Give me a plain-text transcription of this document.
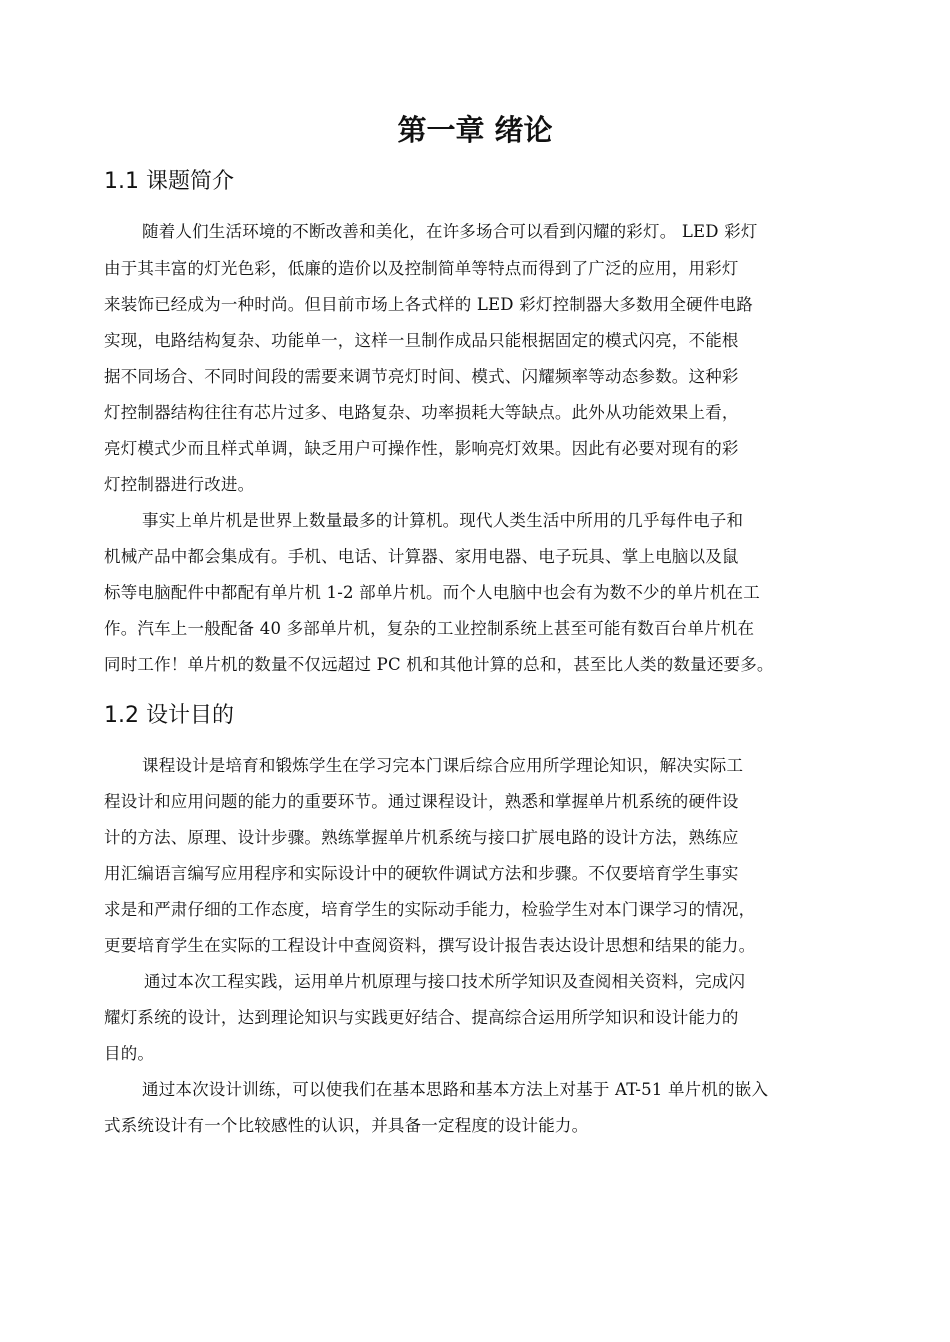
第一章 绪论
1.1 课题简介
随着人们生活环境的不断改善和美化，在许多场合可以看到闪耀的彩灯。 LED 彩灯
由于其丰富的灯光色彩，低廉的造价以及控制简单等特点而得到了广泛的应用，用彩灯
来装饰已经成为一种时尚。但目前市场上各式样的 LED 彩灯控制器大多数用全硬件电路
实现，电路结构复杂、功能单一，这样一旦制作成品只能根据固定的模式闪亮，不能根
据不同场合、不同时间段的需要来调节亮灯时间、模式、闪耀频率等动态参数。这种彩
灯控制器结构往往有芯片过多、电路复杂、功率损耗大等缺点。此外从功能效果上看，
亮灯模式少而且样式单调，缺乏用户可操作性，影响亮灯效果。因此有必要对现有的彩
灯控制器进行改进。
事实上单片机是世界上数量最多的计算机。现代人类生活中所用的几乎每件电子和
机械产品中都会集成有。手机、电话、计算器、家用电器、电子玩具、掌上电脑以及鼠
标等电脑配件中都配有单片机 1-2 部单片机。而个人电脑中也会有为数不少的单片机在工
作。汽车上一般配备 40 多部单片机，复杂的工业控制系统上甚至可能有数百台单片机在
同时工作！单片机的数量不仅远超过 PC 机和其他计算的总和，甚至比人类的数量还要多。
1.2 设计目的
课程设计是培育和锻炼学生在学习完本门课后综合应用所学理论知识，解决实际工
程设计和应用问题的能力的重要环节。通过课程设计，熟悉和掌握单片机系统的硬件设
计的方法、原理、设计步骤。熟练掌握单片机系统与接口扩展电路的设计方法，熟练应
用汇编语言编写应用程序和实际设计中的硬软件调试方法和步骤。不仅要培育学生事实
求是和严肃仔细的工作态度，培育学生的实际动手能力，检验学生对本门课学习的情况，
更要培育学生在实际的工程设计中查阅资料，撰写设计报告表达设计思想和结果的能力。
通过本次工程实践，运用单片机原理与接口技术所学知识及查阅相关资料，完成闪
耀灯系统的设计，达到理论知识与实践更好结合、提高综合运用所学知识和设计能力的
目的。
通过本次设计训练，可以使我们在基本思路和基本方法上对基于 AT-51 单片机的嵌入
式系统设计有一个比较感性的认识，并具备一定程度的设计能力。
